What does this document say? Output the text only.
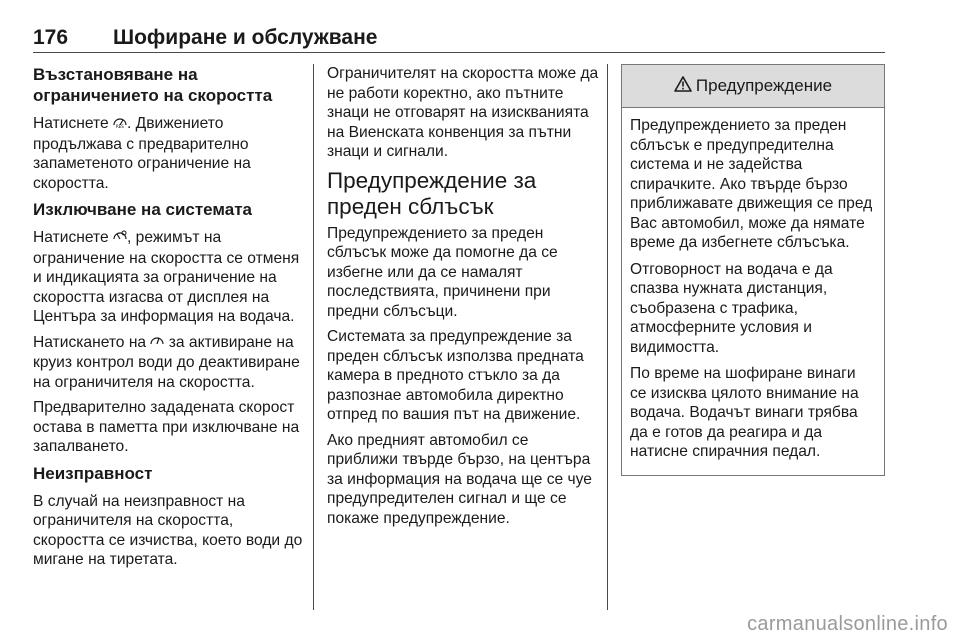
176 Шофиране и обслужване
Възстановяване на ограничението на скоростта

Натиснете RES . Движението продължава с предварително запаметеното ограничение на скоростта.

Изключване на системата

Натиснете , режимът на ограничение на скоростта се отменя и индикацията за ограничение на скоростта изгасва от дисплея на Центъра за информация на водача.

Натискането на  за активиране на круиз контрол води до деактивиране на ограничителя на скоростта.

Предварително зададената скорост остава в паметта при изключване на запалването.

Неизправност

В случай на неизправност на ограничителя на скоростта, скоростта се изчиства, което води до мигане на тиретата.

Ограничителят на скоростта може да не работи коректно, ако пътните знаци не отговарят на изискванията на Виенската конвенция за пътни знаци и сигнали.

Предупреждение за преден сблъсък

Предупреждението за преден сблъсък може да помогне да се избегне или да се намалят последствията, причинени при предни сблъсъци.

Системата за предупреждение за преден сблъсък използва предната камера в предното стъкло за да разпознае автомобила директно отпред по вашия път на движение.

Ако предният автомобил се приближи твърде бързо, на центъра за информация на водача ще се чуе предупредителен сигнал и ще се покаже предупреждение.

Предупреждение

Предупреждението за преден сблъсък е предупредителна система и не задейства спирачките. Ако твърде бързо приближавате движещия се пред Вас автомобил, може да нямате време да избегнете сблъсъка.

Отговорност на водача е да спазва нужната дистанция, съобразена с трафика, атмосферните условия и видимостта.

По време на шофиране винаги се изисква цялото внимание на водача. Водачът винаги трябва да е готов да реагира и да натисне спирачния педал.

carmanualsonline.info
